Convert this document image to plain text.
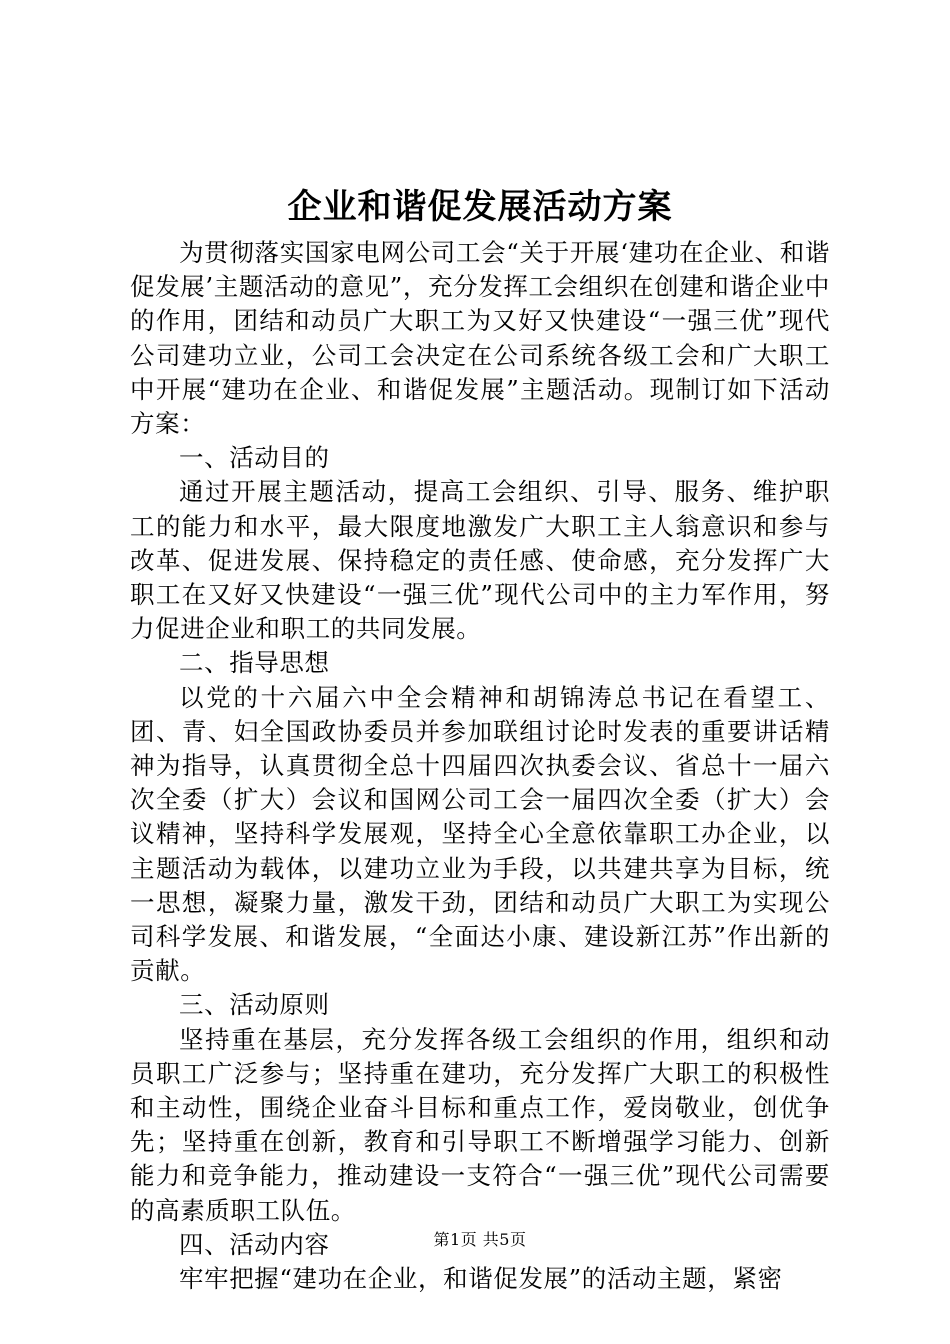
企业和谐促发展活动方案

为贯彻落实国家电网公司工会“关于开展‘建功在企业、和谐促发展’主题活动的意见”，充分发挥工会组织在创建和谐企业中的作用，团结和动员广大职工为又好又快建设“一强三优”现代公司建功立业，公司工会决定在公司系统各级工会和广大职工中开展“建功在企业、和谐促发展”主题活动。现制订如下活动方案：

一、活动目的

通过开展主题活动，提高工会组织、引导、服务、维护职工的能力和水平，最大限度地激发广大职工主人翁意识和参与改革、促进发展、保持稳定的责任感、使命感，充分发挥广大职工在又好又快建设“一强三优”现代公司中的主力军作用，努力促进企业和职工的共同发展。

二、指导思想

以党的十六届六中全会精神和胡锦涛总书记在看望工、团、青、妇全国政协委员并参加联组讨论时发表的重要讲话精神为指导，认真贯彻全总十四届四次执委会议、省总十一届六次全委（扩大）会议和国网公司工会一届四次全委（扩大）会议精神，坚持科学发展观，坚持全心全意依靠职工办企业，以主题活动为载体，以建功立业为手段，以共建共享为目标，统一思想，凝聚力量，激发干劲，团结和动员广大职工为实现公司科学发展、和谐发展，“全面达小康、建设新江苏”作出新的贡献。

三、活动原则

坚持重在基层，充分发挥各级工会组织的作用，组织和动员职工广泛参与；坚持重在建功，充分发挥广大职工的积极性和主动性，围绕企业奋斗目标和重点工作，爱岗敬业，创优争先；坚持重在创新，教育和引导职工不断增强学习能力、创新能力和竞争能力，推动建设一支符合“一强三优”现代公司需要的高素质职工队伍。

四、活动内容

牢牢把握“建功在企业，和谐促发展”的活动主题，紧密

第1页 共5页
